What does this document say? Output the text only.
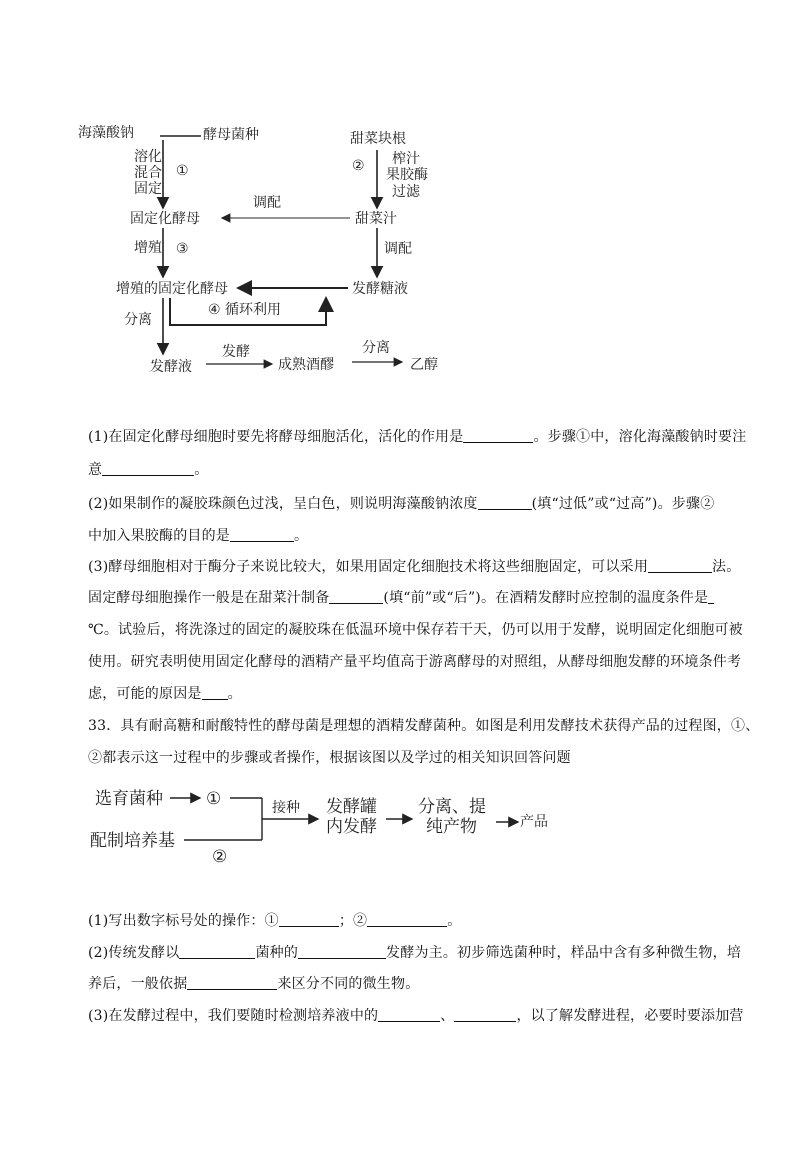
海藻酸钠	酵母菌种	甜菜块根
固定化酵母	甜菜汁
增殖的固定化酵母	发酵糖液
发酵液	成熟酒醪	乙醇
溶化
混合
固定
①
榨汁
果胶酶
过滤
②
调配
增殖 ③	调配
④ 循环利用
分离
发酵	分离
(1)在固定化酵母细胞时要先将酵母细胞活化，活化的作用是	。步骤①中，溶化海藻酸钠时要注
意	。
(2)如果制作的凝胶珠颜色过浅，呈白色，则说明海藻酸钠浓度	(填“过低”或“过高”)。步骤②
中加入果胶酶的目的是	。
(3)酵母细胞相对于酶分子来说比较大，如果用固定化细胞技术将这些细胞固定，可以采用	法。
固定酵母细胞操作一般是在甜菜汁制备	(填“前”或“后”)。在酒精发酵时应控制的温度条件是
℃。试验后，将洗涤过的固定的凝胶珠在低温环境中保存若干天，仍可以用于发酵，说明固定化细胞可被
使用。研究表明使用固定化酵母的酒精产量平均值高于游离酵母的对照组，从酵母细胞发酵的环境条件考
虑，可能的原因是 。
33．具有耐高糖和耐酸特性的酵母菌是理想的酒精发酵菌种。如图是利用发酵技术获得产品的过程图，①、
②都表示这一过程中的步骤或者操作，根据该图以及学过的相关知识回答问题
选育菌种	①
配制培养基
②
接种 发酵罐
内发酵
分离、提
纯产物	产品
(1)写出数字标号处的操作：①	；②	。
(2)传统发酵以	菌种的	发酵为主。初步筛选菌种时，样品中含有多种微生物，培
养后，一般依据	来区分不同的微生物。
(3)在发酵过程中，我们要随时检测培养液中的	、	，以了解发酵进程，必要时要添加营
